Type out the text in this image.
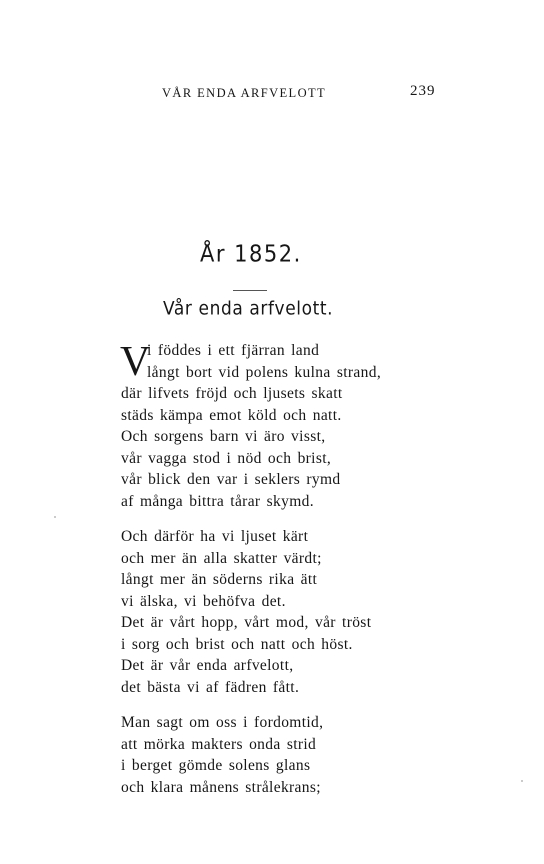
VÅR ENDA ARFVELOTT	239
År 1852.
Vår enda arfvelott.
V
i föddes i ett fjärran land
långt bort vid polens kulna strand,
där lifvets fröjd och ljusets skatt
städs kämpa emot köld och natt.
Och sorgens barn vi äro visst,
vår vagga stod i nöd och brist,
vår blick den var i seklers rymd
af många bittra tårar skymd.
Och därför ha vi ljuset kärt
och mer än alla skatter värdt;
långt mer än söderns rika ätt
vi älska, vi behöfva det.
Det är vårt hopp, vårt mod, vår tröst
i sorg och brist och natt och höst.
Det är vår enda arfvelott,
det bästa vi af fädren fått.
Man sagt om oss i fordomtid,
att mörka makters onda strid
i berget gömde solens glans
och klara månens strålekrans;
